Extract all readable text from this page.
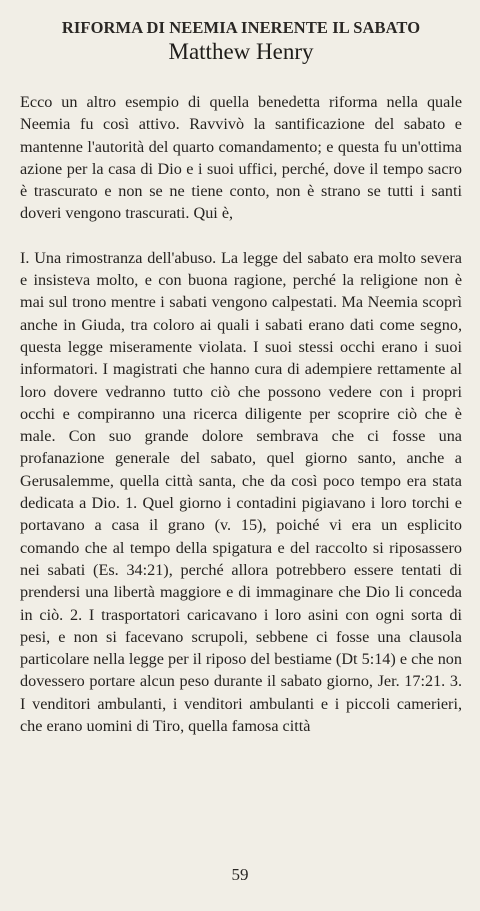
RIFORMA DI NEEMIA INERENTE IL SABATO
Matthew Henry

Ecco un altro esempio di quella benedetta riforma nella quale Neemia fu così attivo. Ravvivò la santificazione del sabato e mantenne l'autorità del quarto comandamento; e questa fu un'ottima azione per la casa di Dio e i suoi uffici, perché, dove il tempo sacro è trascurato e non se ne tiene conto, non è strano se tutti i santi doveri vengono trascurati. Qui è,

I. Una rimostranza dell'abuso. La legge del sabato era molto severa e insisteva molto, e con buona ragione, perché la religione non è mai sul trono mentre i sabati vengono calpestati. Ma Neemia scoprì anche in Giuda, tra coloro ai quali i sabati erano dati come segno, questa legge miseramente violata. I suoi stessi occhi erano i suoi informatori. I magistrati che hanno cura di adempiere rettamente al loro dovere vedranno tutto ciò che possono vedere con i propri occhi e compiranno una ricerca diligente per scoprire ciò che è male. Con suo grande dolore sembrava che ci fosse una profanazione generale del sabato, quel giorno santo, anche a Gerusalemme, quella città santa, che da così poco tempo era stata dedicata a Dio. 1. Quel giorno i contadini pigiavano i loro torchi e portavano a casa il grano (v. 15), poiché vi era un esplicito comando che al tempo della spigatura e del raccolto si riposassero nei sabati (Es. 34:21), perché allora potrebbero essere tentati di prendersi una libertà maggiore e di immaginare che Dio li conceda in ciò. 2. I trasportatori caricavano i loro asini con ogni sorta di pesi, e non si facevano scrupoli, sebbene ci fosse una clausola particolare nella legge per il riposo del bestiame (Dt 5:14) e che non dovessero portare alcun peso durante il sabato giorno, Jer. 17:21. 3. I venditori ambulanti, i venditori ambulanti e i piccoli camerieri, che erano uomini di Tiro, quella famosa città

59
